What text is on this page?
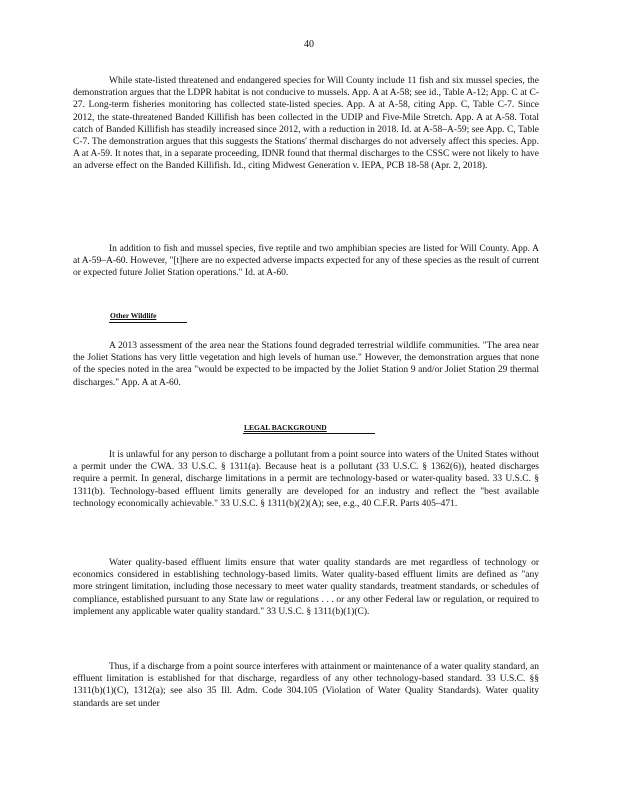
40

While state-listed threatened and endangered species for Will County include 11 fish and six mussel species, the demonstration argues that the LDPR habitat is not conducive to mussels. App. A at A-58; see id., Table A-12; App. C at C-27. Long-term fisheries monitoring has collected state-listed species. App. A at A-58, citing App. C, Table C-7. Since 2012, the state-threatened Banded Killifish has been collected in the UDIP and Five-Mile Stretch. App. A at A-58. Total catch of Banded Killifish has steadily increased since 2012, with a reduction in 2018. Id. at A-58–A-59; see App. C, Table C-7. The demonstration argues that this suggests the Stations' thermal discharges do not adversely affect this species. App. A at A-59. It notes that, in a separate proceeding, IDNR found that thermal discharges to the CSSC were not likely to have an adverse effect on the Banded Killifish. Id., citing Midwest Generation v. IEPA, PCB 18-58 (Apr. 2, 2018).

In addition to fish and mussel species, five reptile and two amphibian species are listed for Will County. App. A at A-59–A-60. However, "[t]here are no expected adverse impacts expected for any of these species as the result of current or expected future Joliet Station operations." Id. at A-60.

Other Wildlife

A 2013 assessment of the area near the Stations found degraded terrestrial wildlife communities. "The area near the Joliet Stations has very little vegetation and high levels of human use." However, the demonstration argues that none of the species noted in the area "would be expected to be impacted by the Joliet Station 9 and/or Joliet Station 29 thermal discharges." App. A at A-60.

LEGAL BACKGROUND

It is unlawful for any person to discharge a pollutant from a point source into waters of the United States without a permit under the CWA. 33 U.S.C. § 1311(a). Because heat is a pollutant (33 U.S.C. § 1362(6)), heated discharges require a permit. In general, discharge limitations in a permit are technology-based or water-quality based. 33 U.S.C. § 1311(b). Technology-based effluent limits generally are developed for an industry and reflect the "best available technology economically achievable." 33 U.S.C. § 1311(b)(2)(A); see, e.g., 40 C.F.R. Parts 405–471.

Water quality-based effluent limits ensure that water quality standards are met regardless of technology or economics considered in establishing technology-based limits. Water quality-based effluent limits are defined as "any more stringent limitation, including those necessary to meet water quality standards, treatment standards, or schedules of compliance, established pursuant to any State law or regulations . . . or any other Federal law or regulation, or required to implement any applicable water quality standard." 33 U.S.C. § 1311(b)(1)(C).

Thus, if a discharge from a point source interferes with attainment or maintenance of a water quality standard, an effluent limitation is established for that discharge, regardless of any other technology-based standard. 33 U.S.C. §§ 1311(b)(1)(C), 1312(a); see also 35 Ill. Adm. Code 304.105 (Violation of Water Quality Standards). Water quality standards are set under
